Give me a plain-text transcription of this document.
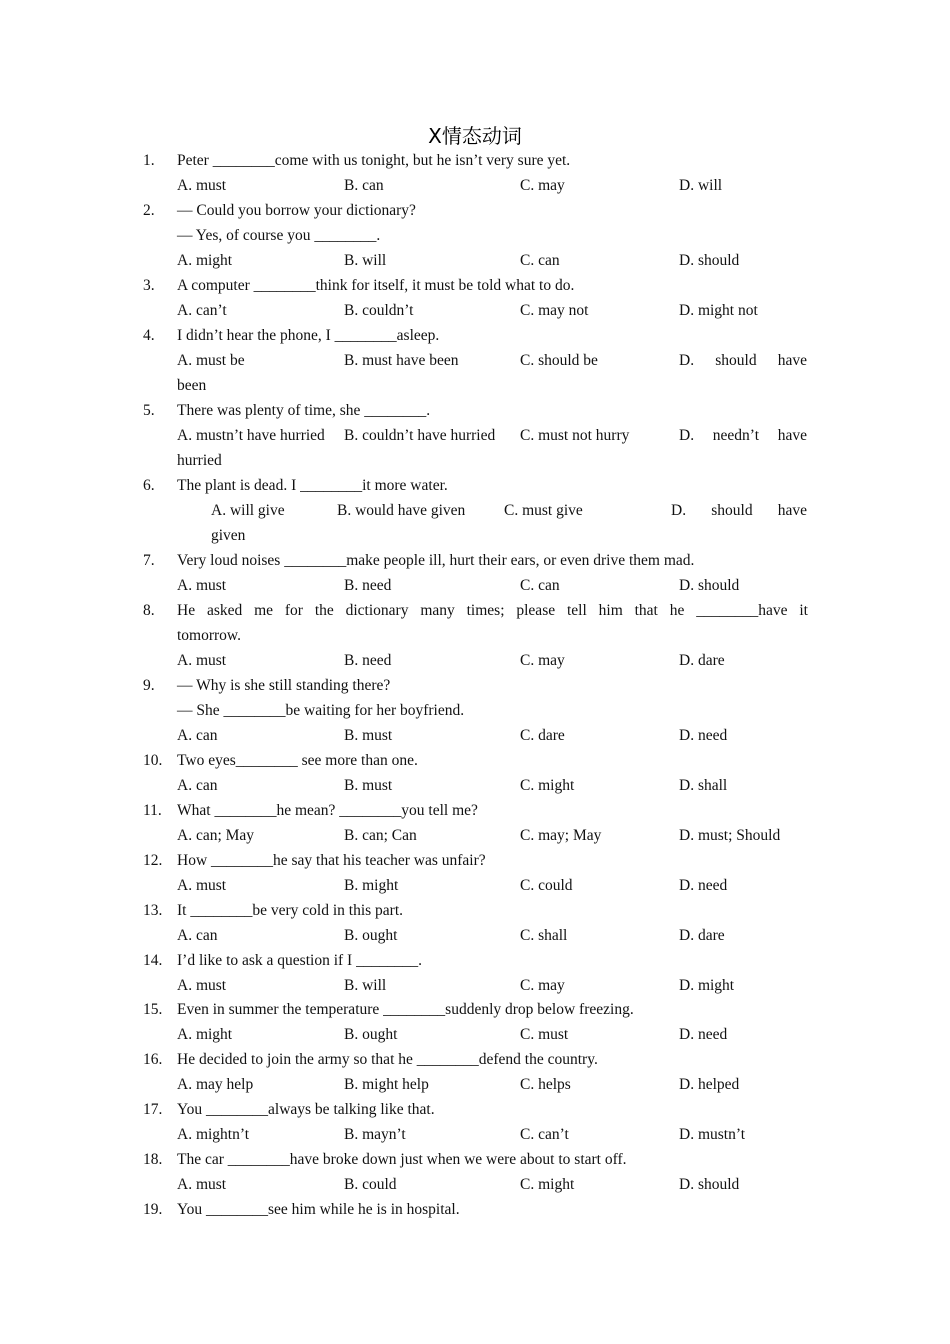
X情态动词
1. Peter ________come with us tonight, but he isn’t very sure yet.
A. must	B. can	C. may	D. will
2. — Could you borrow your dictionary?
— Yes, of course you ________.
A. might	B. will	C. can	D. should
3. A computer ________think for itself, it must be told what to do.
A. can’t	B. couldn’t	C. may not	D. might not
4. I didn’t hear the phone, I ________asleep.
A. must be	B. must have been	C. should be	D. should have
been
5. There was plenty of time, she ________.
A. mustn’t have hurried B. couldn’t have hurried C. must not hurry	D. needn’t have
hurried
6. The plant is dead. I ________it more water.
A. will give	B. would have given C. must give	D. should have
given
7. Very loud noises ________make people ill, hurt their ears, or even drive them mad.
A. must	B. need	C. can	D. should
8. He asked me for the dictionary many times; please tell him that he ________have it
tomorrow.
A. must	B. need	C. may	D. dare
9. — Why is she still standing there?
— She ________be waiting for her boyfriend.
A. can	B. must	C. dare	D. need
10. Two eyes________ see more than one.
A. can	B. must	C. might	D. shall
11. What ________he mean? ________you tell me?
A. can; May	B. can; Can	C. may; May	D. must; Should
12. How ________he say that his teacher was unfair?
A. must	B. might	C. could	D. need
13. It ________be very cold in this part.
A. can	B. ought	C. shall	D. dare
14. I’d like to ask a question if I ________.
A. must	B. will	C. may	D. might
15. Even in summer the temperature ________suddenly drop below freezing.
A. might	B. ought	C. must	D. need
16. He decided to join the army so that he ________defend the country.
A. may help	B. might help	C. helps	D. helped
17. You ________always be talking like that.
A. mightn’t	B. mayn’t	C. can’t	D. mustn’t
18. The car ________have broke down just when we were about to start off.
A. must	B. could	C. might	D. should
19. You ________see him while he is in hospital.
